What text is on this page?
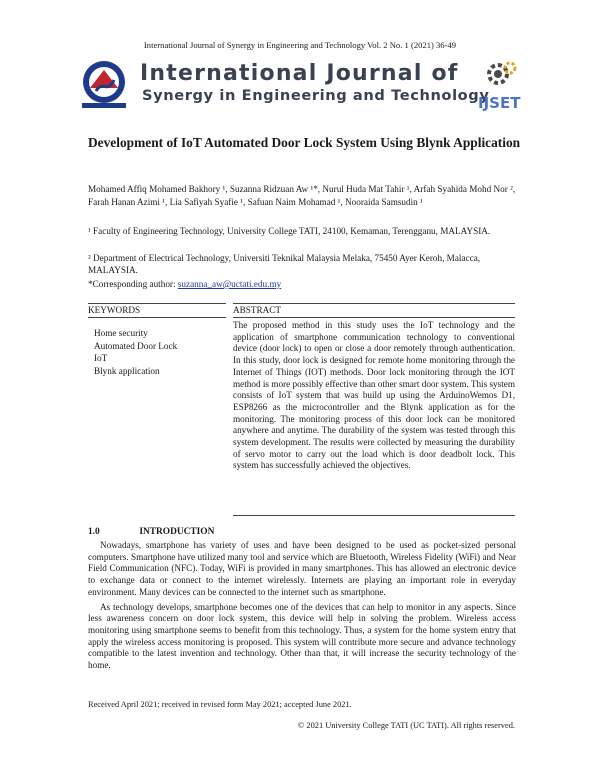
International Journal of Synergy in Engineering and Technology Vol. 2 No. 1 (2021) 36-49
International Journal of
Synergy in Engineering and Technology
IJSET
Development of IoT Automated Door Lock System Using Blynk Application
Mohamed Affiq Mohamed Bakhory ¹, Suzanna Ridzuan Aw ¹*, Nurul Huda Mat Tahir ¹, Arfah Syahida Mohd Nor ², Farah Hanan Azimi ¹, Lia Safiyah Syafie ¹, Safuan Naim Mohamad ¹, Nooraida Samsudin ¹
¹ Faculty of Engineering Technology, University College TATI, 24100, Kemaman, Terengganu, MALAYSIA.
² Department of Electrical Technology, Universiti Teknikal Malaysia Melaka, 75450 Ayer Keroh, Malacca, MALAYSIA.
*Corresponding author: suzanna_aw@uctati.edu.my
KEYWORDS	ABSTRACT
Home security
Automated Door Lock
IoT
Blynk application
The proposed method in this study uses the IoT technology and the application of smartphone communication technology to conventional device (door lock) to open or close a door remotely through authentication. In this study, door lock is designed for remote home monitoring through the Internet of Things (IOT) methods. Door lock monitoring through the IOT method is more possibly effective than other smart door system. This system consists of IoT system that was build up using the ArduinoWemos D1, ESP8266 as the microcontroller and the Blynk application as for the monitoring. The monitoring process of this door lock can be monitored anywhere and anytime. The durability of the system was tested through this system development. The results were collected by measuring the durability of servo motor to carry out the load which is door deadbolt lock. This system has successfully achieved the objectives.
1.0	INTRODUCTION

Nowadays, smartphone has variety of uses and have been designed to be used as pocket-sized personal computers. Smartphone have utilized many tool and service which are Bluetooth, Wireless Fidelity (WiFi) and Near Field Communication (NFC). Today, WiFi is provided in many smartphones. This has allowed an electronic device to exchange data or connect to the internet wirelessly. Internets are playing an important role in everyday environment. Many devices can be connected to the internet such as smartphone.

As technology develops, smartphone becomes one of the devices that can help to monitor in any aspects. Since less awareness concern on door lock system, this device will help in solving the problem. Wireless access monitoring using smartphone seems to benefit from this technology. Thus, a system for the home system entry that apply the wireless access monitoring is proposed. This system will contribute more secure and advance technology compatible to the latest invention and technology. Other than that, it will increase the security technology of the home.

Received April 2021; received in revised form May 2021; accepted June 2021.
© 2021 University College TATI (UC TATI). All rights reserved.
